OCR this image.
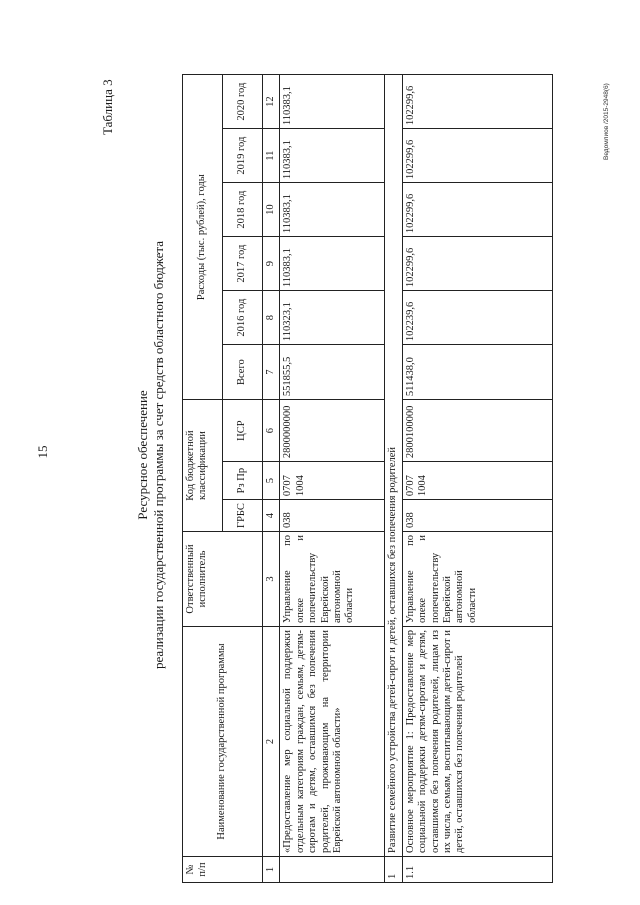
15
Таблица 3
Ресурсное обеспечение реализации государственной программы за счет средств областного бюджета
№ п/п	Наименование государственной программы	Ответственный исполнитель	Код бюджетной классификации			Расходы (тыс. рублей), годы					
			ГРБС	Рз Пр	ЦСР	Всего	2016 год	2017 год	2018 год	2019 год	2020 год
1	2	3	4	5	6	7	8	9	10	11	12
	«Предоставление мер социальной поддержки отдельным категориям граждан, семьям, детям-сиротам и детям, оставшимся без попечения родителей, проживающим на территории Еврейской автономной области»	Управление по опеке и попечительству Еврейской автономной области	038	0707 1004	2800000000	551855,5	110323,1	110383,1	110383,1	110383,1	110383,1
1	Развитие семейного устройства детей-сирот и детей, оставшихся без попечения родителей										
1.1	Основное мероприятие 1: Предоставление мер социальной поддержки детям-сиротам и детям, оставшимся без попечения родителей, лицам из их числа, семьям, воспитывающим детей-сирот и детей, оставшихся без попечения родителей	Управление по опеке и попечительству Еврейской автономной области	038	0707 1004	2800100000	511438,0	102239,6	102299,6	102299,6	102299,6	102299,6	Ведомлиов /2015-2948(6)
